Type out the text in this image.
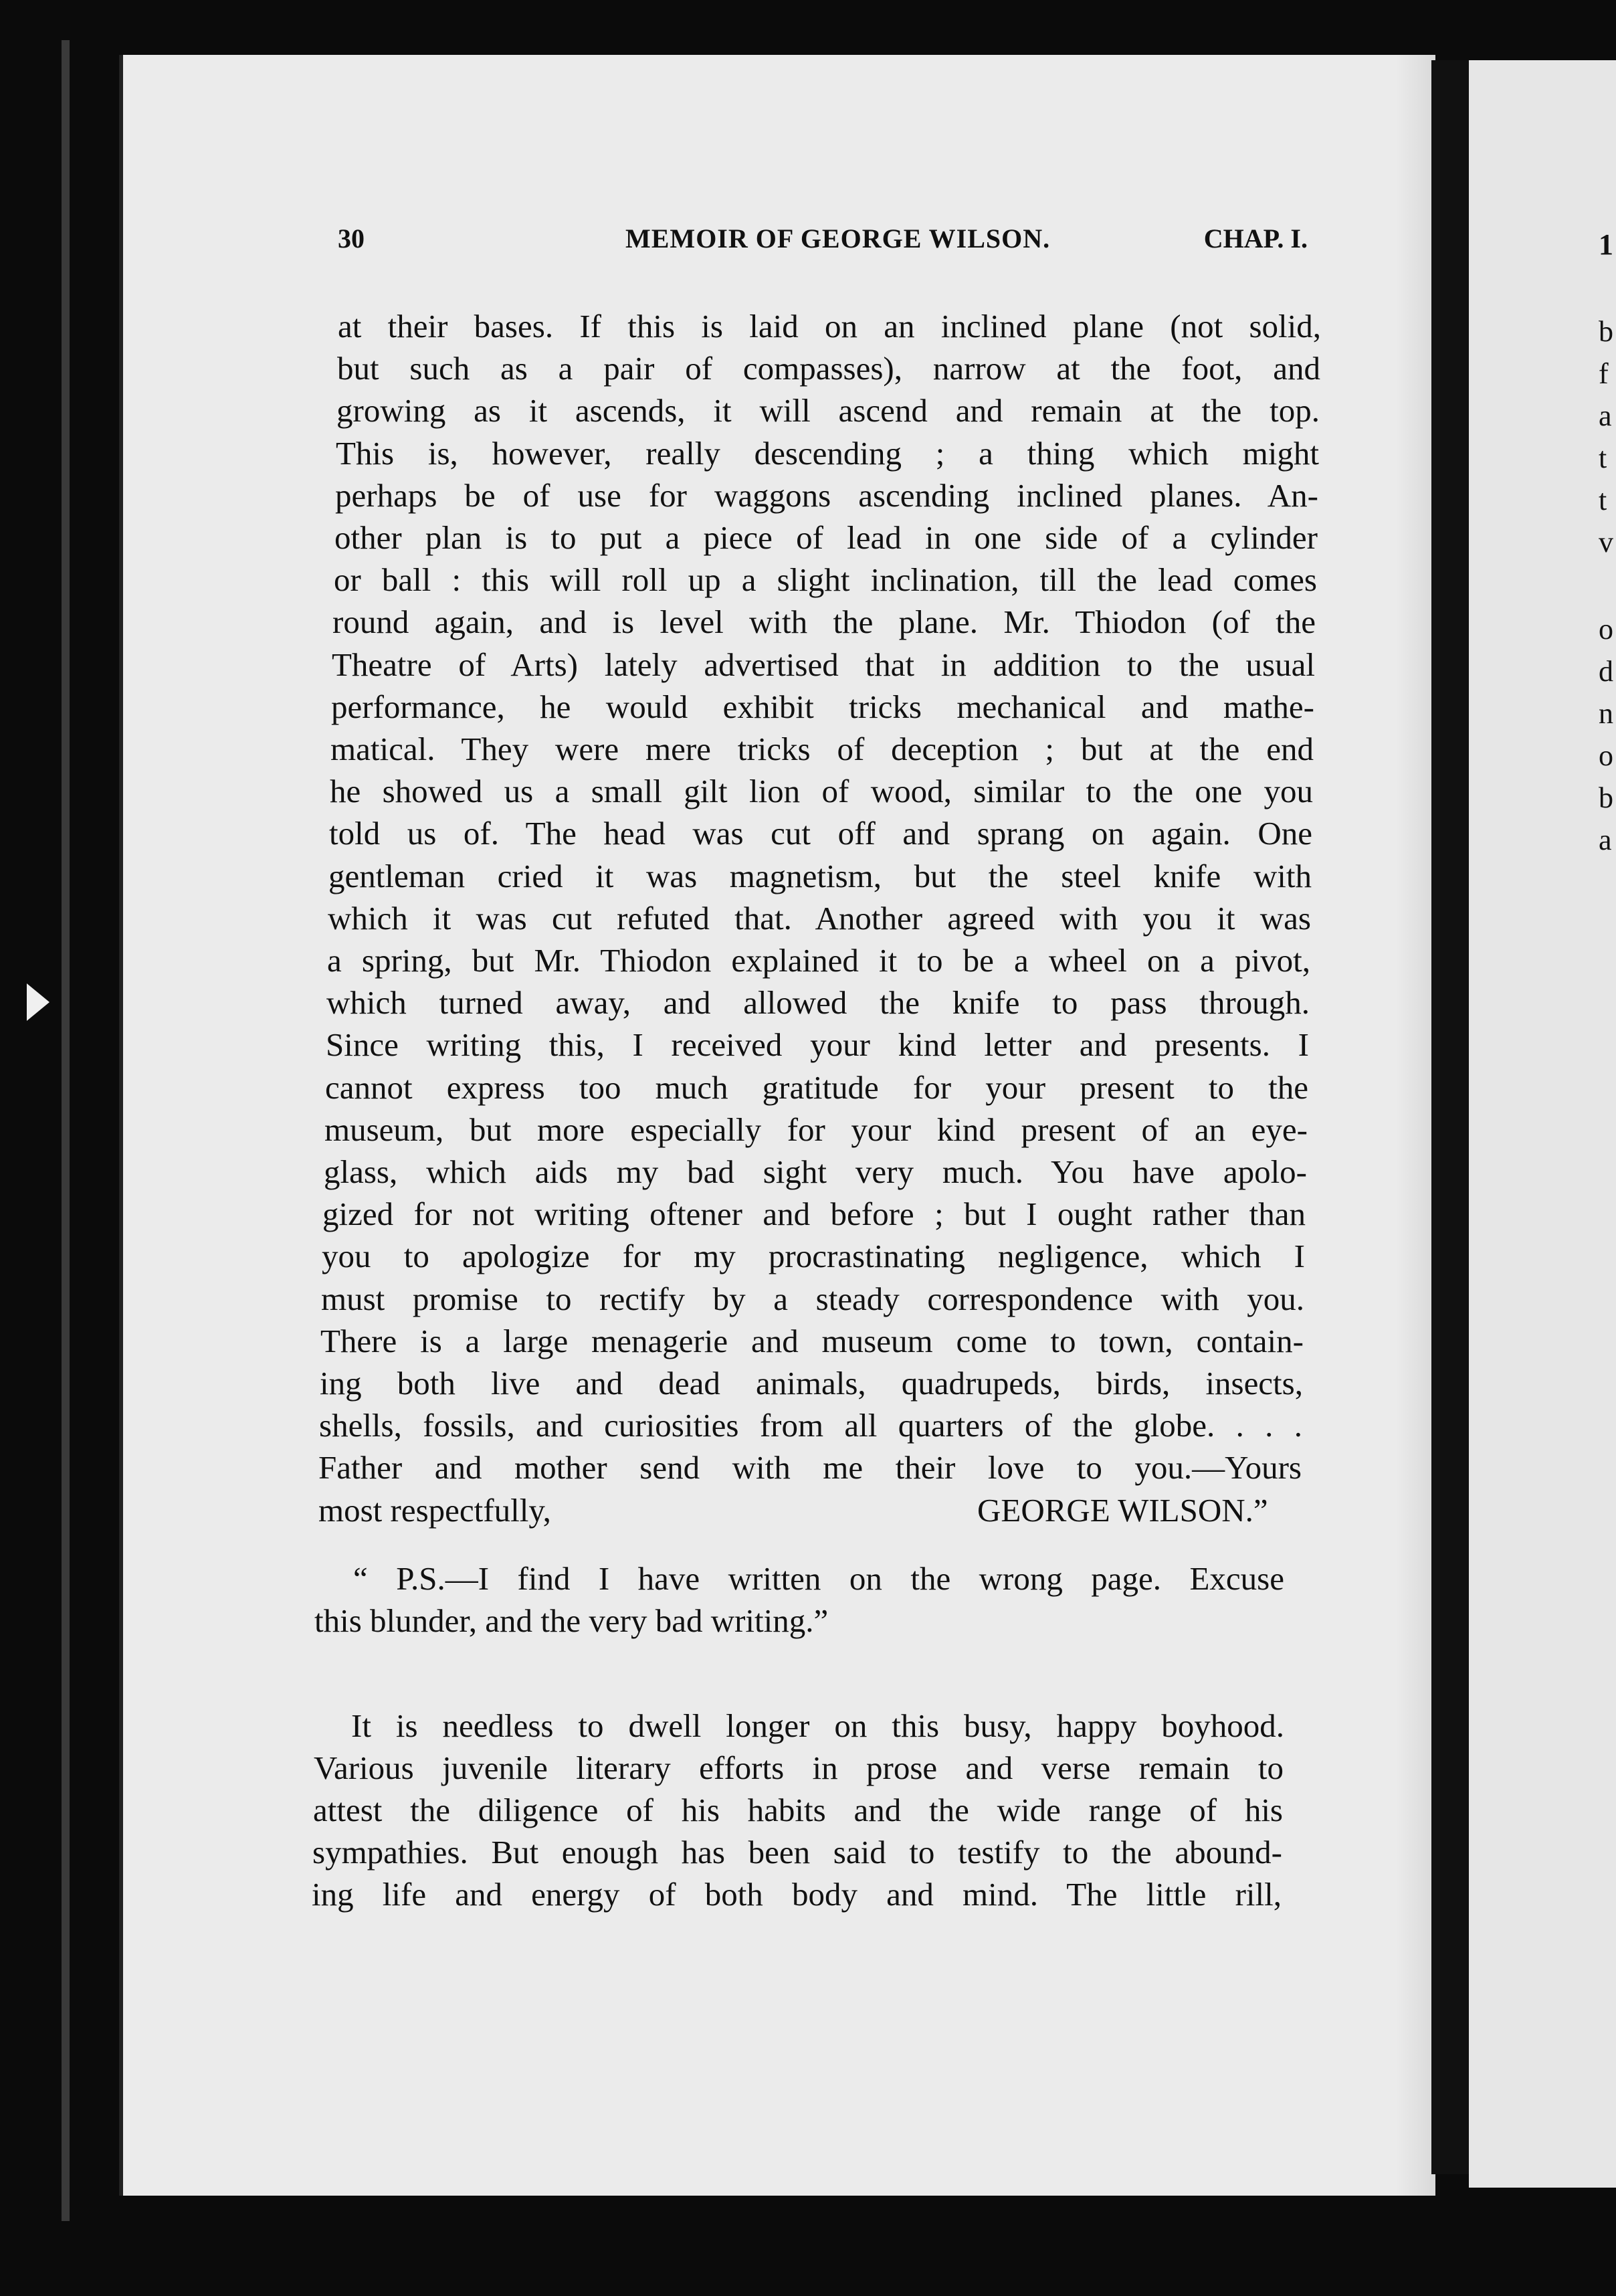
1
b
f
a
t
t
v
o
d
n
o
b
a
30	MEMOIR OF GEORGE WILSON.	CHAP. I.
at their bases. If this is laid on an inclined plane (not solid,
but such as a pair of compasses), narrow at the foot, and
growing as it ascends, it will ascend and remain at the top.
This is, however, really descending ; a thing which might
perhaps be of use for waggons ascending inclined planes. An-
other plan is to put a piece of lead in one side of a cylinder
or ball : this will roll up a slight inclination, till the lead comes
round again, and is level with the plane. Mr. Thiodon (of the
Theatre of Arts) lately advertised that in addition to the usual
performance, he would exhibit tricks mechanical and mathe-
matical. They were mere tricks of deception ; but at the end
he showed us a small gilt lion of wood, similar to the one you
told us of. The head was cut off and sprang on again. One
gentleman cried it was magnetism, but the steel knife with
which it was cut refuted that. Another agreed with you it was
a spring, but Mr. Thiodon explained it to be a wheel on a pivot,
which turned away, and allowed the knife to pass through.
Since writing this, I received your kind letter and presents. I
cannot express too much gratitude for your present to the
museum, but more especially for your kind present of an eye-
glass, which aids my bad sight very much. You have apolo-
gized for not writing oftener and before ; but I ought rather than
you to apologize for my procrastinating negligence, which I
must promise to rectify by a steady correspondence with you.
There is a large menagerie and museum come to town, contain-
ing both live and dead animals, quadrupeds, birds, insects,
shells, fossils, and curiosities from all quarters of the globe. . . .
Father and mother send with me their love to you.—Yours
most respectfully,	GEORGE WILSON.”
“ P.S.—I find I have written on the wrong page. Excuse
this blunder, and the very bad writing.”
It is needless to dwell longer on this busy, happy boyhood.
Various juvenile literary efforts in prose and verse remain to
attest the diligence of his habits and the wide range of his
sympathies. But enough has been said to testify to the abound-
ing life and energy of both body and mind. The little rill,
